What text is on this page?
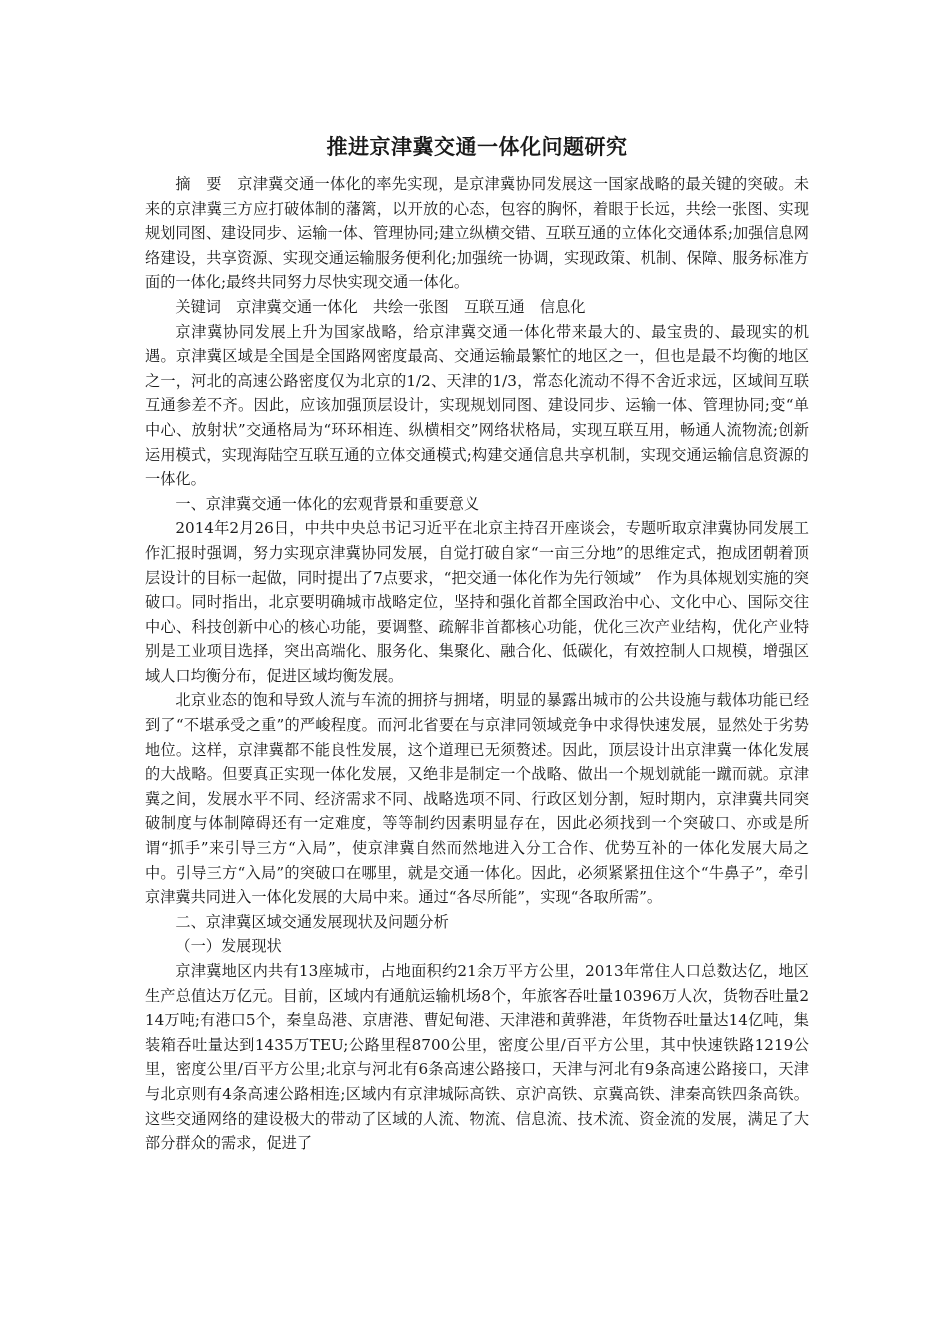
推进京津冀交通一体化问题研究

摘　要　京津冀交通一体化的率先实现，是京津冀协同发展这一国家战略的最关键的突破。未来的京津冀三方应打破体制的藩篱，以开放的心态，包容的胸怀，着眼于长远，共绘一张图、实现规划同图、建设同步、运输一体、管理协同;建立纵横交错、互联互通的立体化交通体系;加强信息网络建设，共享资源、实现交通运输服务便利化;加强统一协调，实现政策、机制、保障、服务标准方面的一体化;最终共同努力尽快实现交通一体化。

关键词　京津冀交通一体化　共绘一张图　互联互通　信息化

京津冀协同发展上升为国家战略，给京津冀交通一体化带来最大的、最宝贵的、最现实的机遇。京津冀区域是全国是全国路网密度最高、交通运输最繁忙的地区之一，但也是最不均衡的地区之一，河北的高速公路密度仅为北京的1/2、天津的1/3，常态化流动不得不舍近求远，区域间互联互通参差不齐。因此，应该加强顶层设计，实现规划同图、建设同步、运输一体、管理协同;变“单中心、放射状”交通格局为“环环相连、纵横相交”网络状格局，实现互联互用，畅通人流物流;创新运用模式，实现海陆空互联互通的立体交通模式;构建交通信息共享机制，实现交通运输信息资源的一体化。

一、京津冀交通一体化的宏观背景和重要意义

2014年2月26日，中共中央总书记习近平在北京主持召开座谈会，专题听取京津冀协同发展工作汇报时强调，努力实现京津冀协同发展，自觉打破自家“一亩三分地”的思维定式，抱成团朝着顶层设计的目标一起做，同时提出了7点要求，“把交通一体化作为先行领域”　作为具体规划实施的突破口。同时指出，北京要明确城市战略定位，坚持和强化首都全国政治中心、文化中心、国际交往中心、科技创新中心的核心功能，要调整、疏解非首都核心功能，优化三次产业结构，优化产业特别是工业项目选择，突出高端化、服务化、集聚化、融合化、低碳化，有效控制人口规模，增强区域人口均衡分布，促进区域均衡发展。

北京业态的饱和导致人流与车流的拥挤与拥堵，明显的暴露出城市的公共设施与载体功能已经到了“不堪承受之重”的严峻程度。而河北省要在与京津同领域竞争中求得快速发展，显然处于劣势地位。这样，京津冀都不能良性发展，这个道理已无须赘述。因此，顶层设计出京津冀一体化发展的大战略。但要真正实现一体化发展，又绝非是制定一个战略、做出一个规划就能一蹴而就。京津冀之间，发展水平不同、经济需求不同、战略选项不同、行政区划分割，短时期内，京津冀共同突破制度与体制障碍还有一定难度，等等制约因素明显存在，因此必须找到一个突破口、亦或是所谓“抓手”来引导三方“入局”，使京津冀自然而然地进入分工合作、优势互补的一体化发展大局之中。引导三方“入局”的突破口在哪里，就是交通一体化。因此，必须紧紧扭住这个“牛鼻子”，牵引京津冀共同进入一体化发展的大局中来。通过“各尽所能”，实现“各取所需”。

二、京津冀区域交通发展现状及问题分析

（一）发展现状

京津冀地区内共有13座城市，占地面积约21余万平方公里，2013年常住人口总数达亿，地区生产总值达万亿元。目前，区域内有通航运输机场8个，年旅客吞吐量10396万人次，货物吞吐量214万吨;有港口5个，秦皇岛港、京唐港、曹妃甸港、天津港和黄骅港，年货物吞吐量达14亿吨，集装箱吞吐量达到1435万TEU;公路里程8700公里，密度公里/百平方公里，其中快速铁路1219公里，密度公里/百平方公里;北京与河北有6条高速公路接口，天津与河北有9条高速公路接口，天津与北京则有4条高速公路相连;区域内有京津城际高铁、京沪高铁、京冀高铁、津秦高铁四条高铁。这些交通网络的建设极大的带动了区域的人流、物流、信息流、技术流、资金流的发展，满足了大部分群众的需求，促进了
